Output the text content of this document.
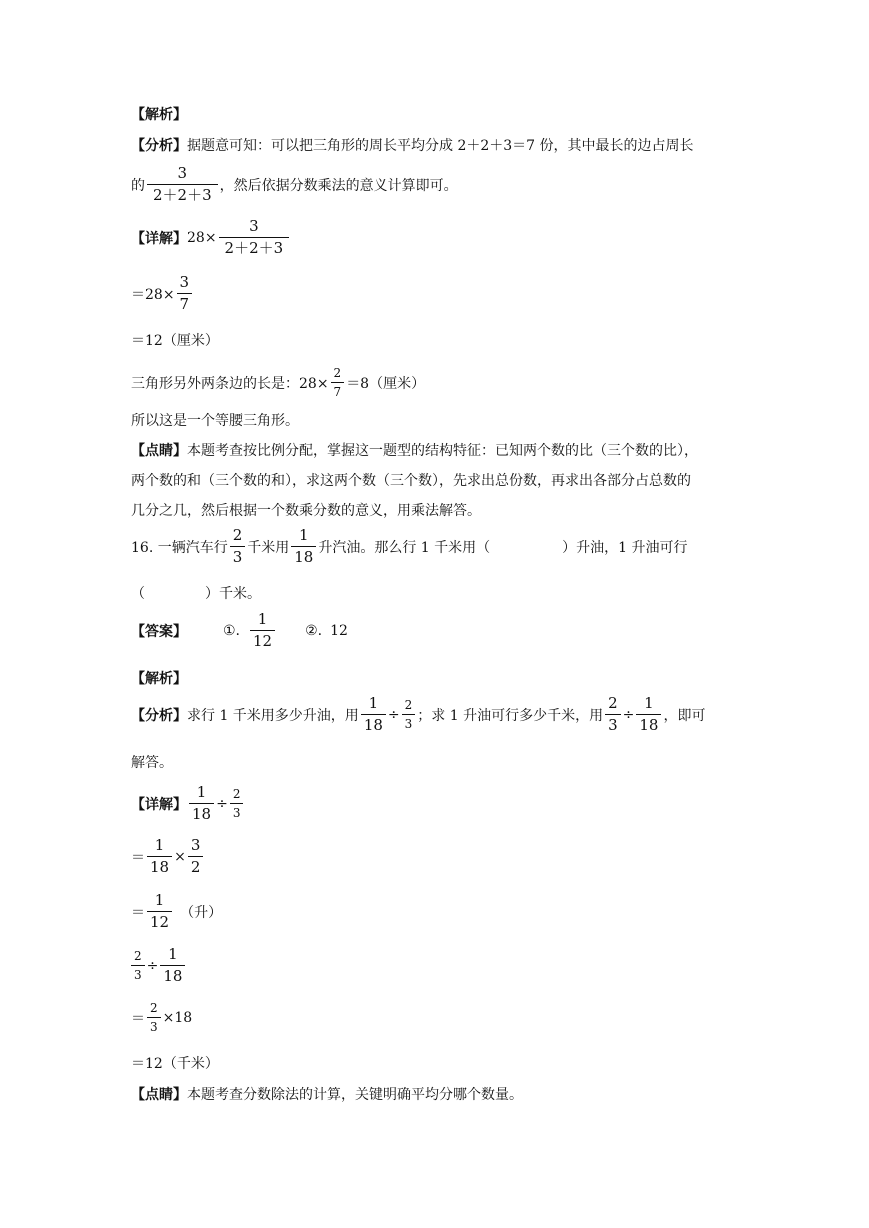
【解析】
【分析】 据题意可知：可以把三角形的周长平均分成 2＋2＋3＝7 份，其中最长的边占周长
的 $\frac{3}{2+2+3}$ ，然后依据分数乘法的意义计算即可。
【详解】 $28\times \frac{3}{2+2+3}$
$=28\times \frac{3}{7}$
＝12（厘米）
三角形另外两条边的长是：$28\times \frac{2}{7} =8$（厘米）
所以这是一个等腰三角形。
【点睛】 本题考查按比例分配，掌握这一题型的结构特征：已知两个数的比（三个数的比），
两个数的和（三个数的和），求这两个数（三个数），先求出总份数，再求出各部分占总数的
几分之几，然后根据一个数乘分数的意义，用乘法解答。
16. 一辆汽车行 $\frac{2}{3}$ 千米用 $\frac{1}{18}$ 升汽油。那么行 1 千米用（	）升油，1 升油可行
（	）千米。
【答案】	①. $\frac{1}{12}$ ②. 12
【解析】
【分析】 求行 1 千米用多少升油，用 $\frac{1}{18} \div \frac{2}{3}$ ；求 1 升油可行多少千米，用 $\frac{2}{3} \div \frac{1}{18}$ ，即可
解答。
【详解】 $\frac{1}{18} \div \frac{2}{3}$
＝ $\frac{1}{18} \times \frac{3}{2}$
＝ $\frac{1}{12}$ （升）
$\frac{2}{3} \div \frac{1}{18}$
＝ $\frac{2}{3} \times 18$
＝12（千米）
【点睛】 本题考查分数除法的计算，关键明确平均分哪个数量。
